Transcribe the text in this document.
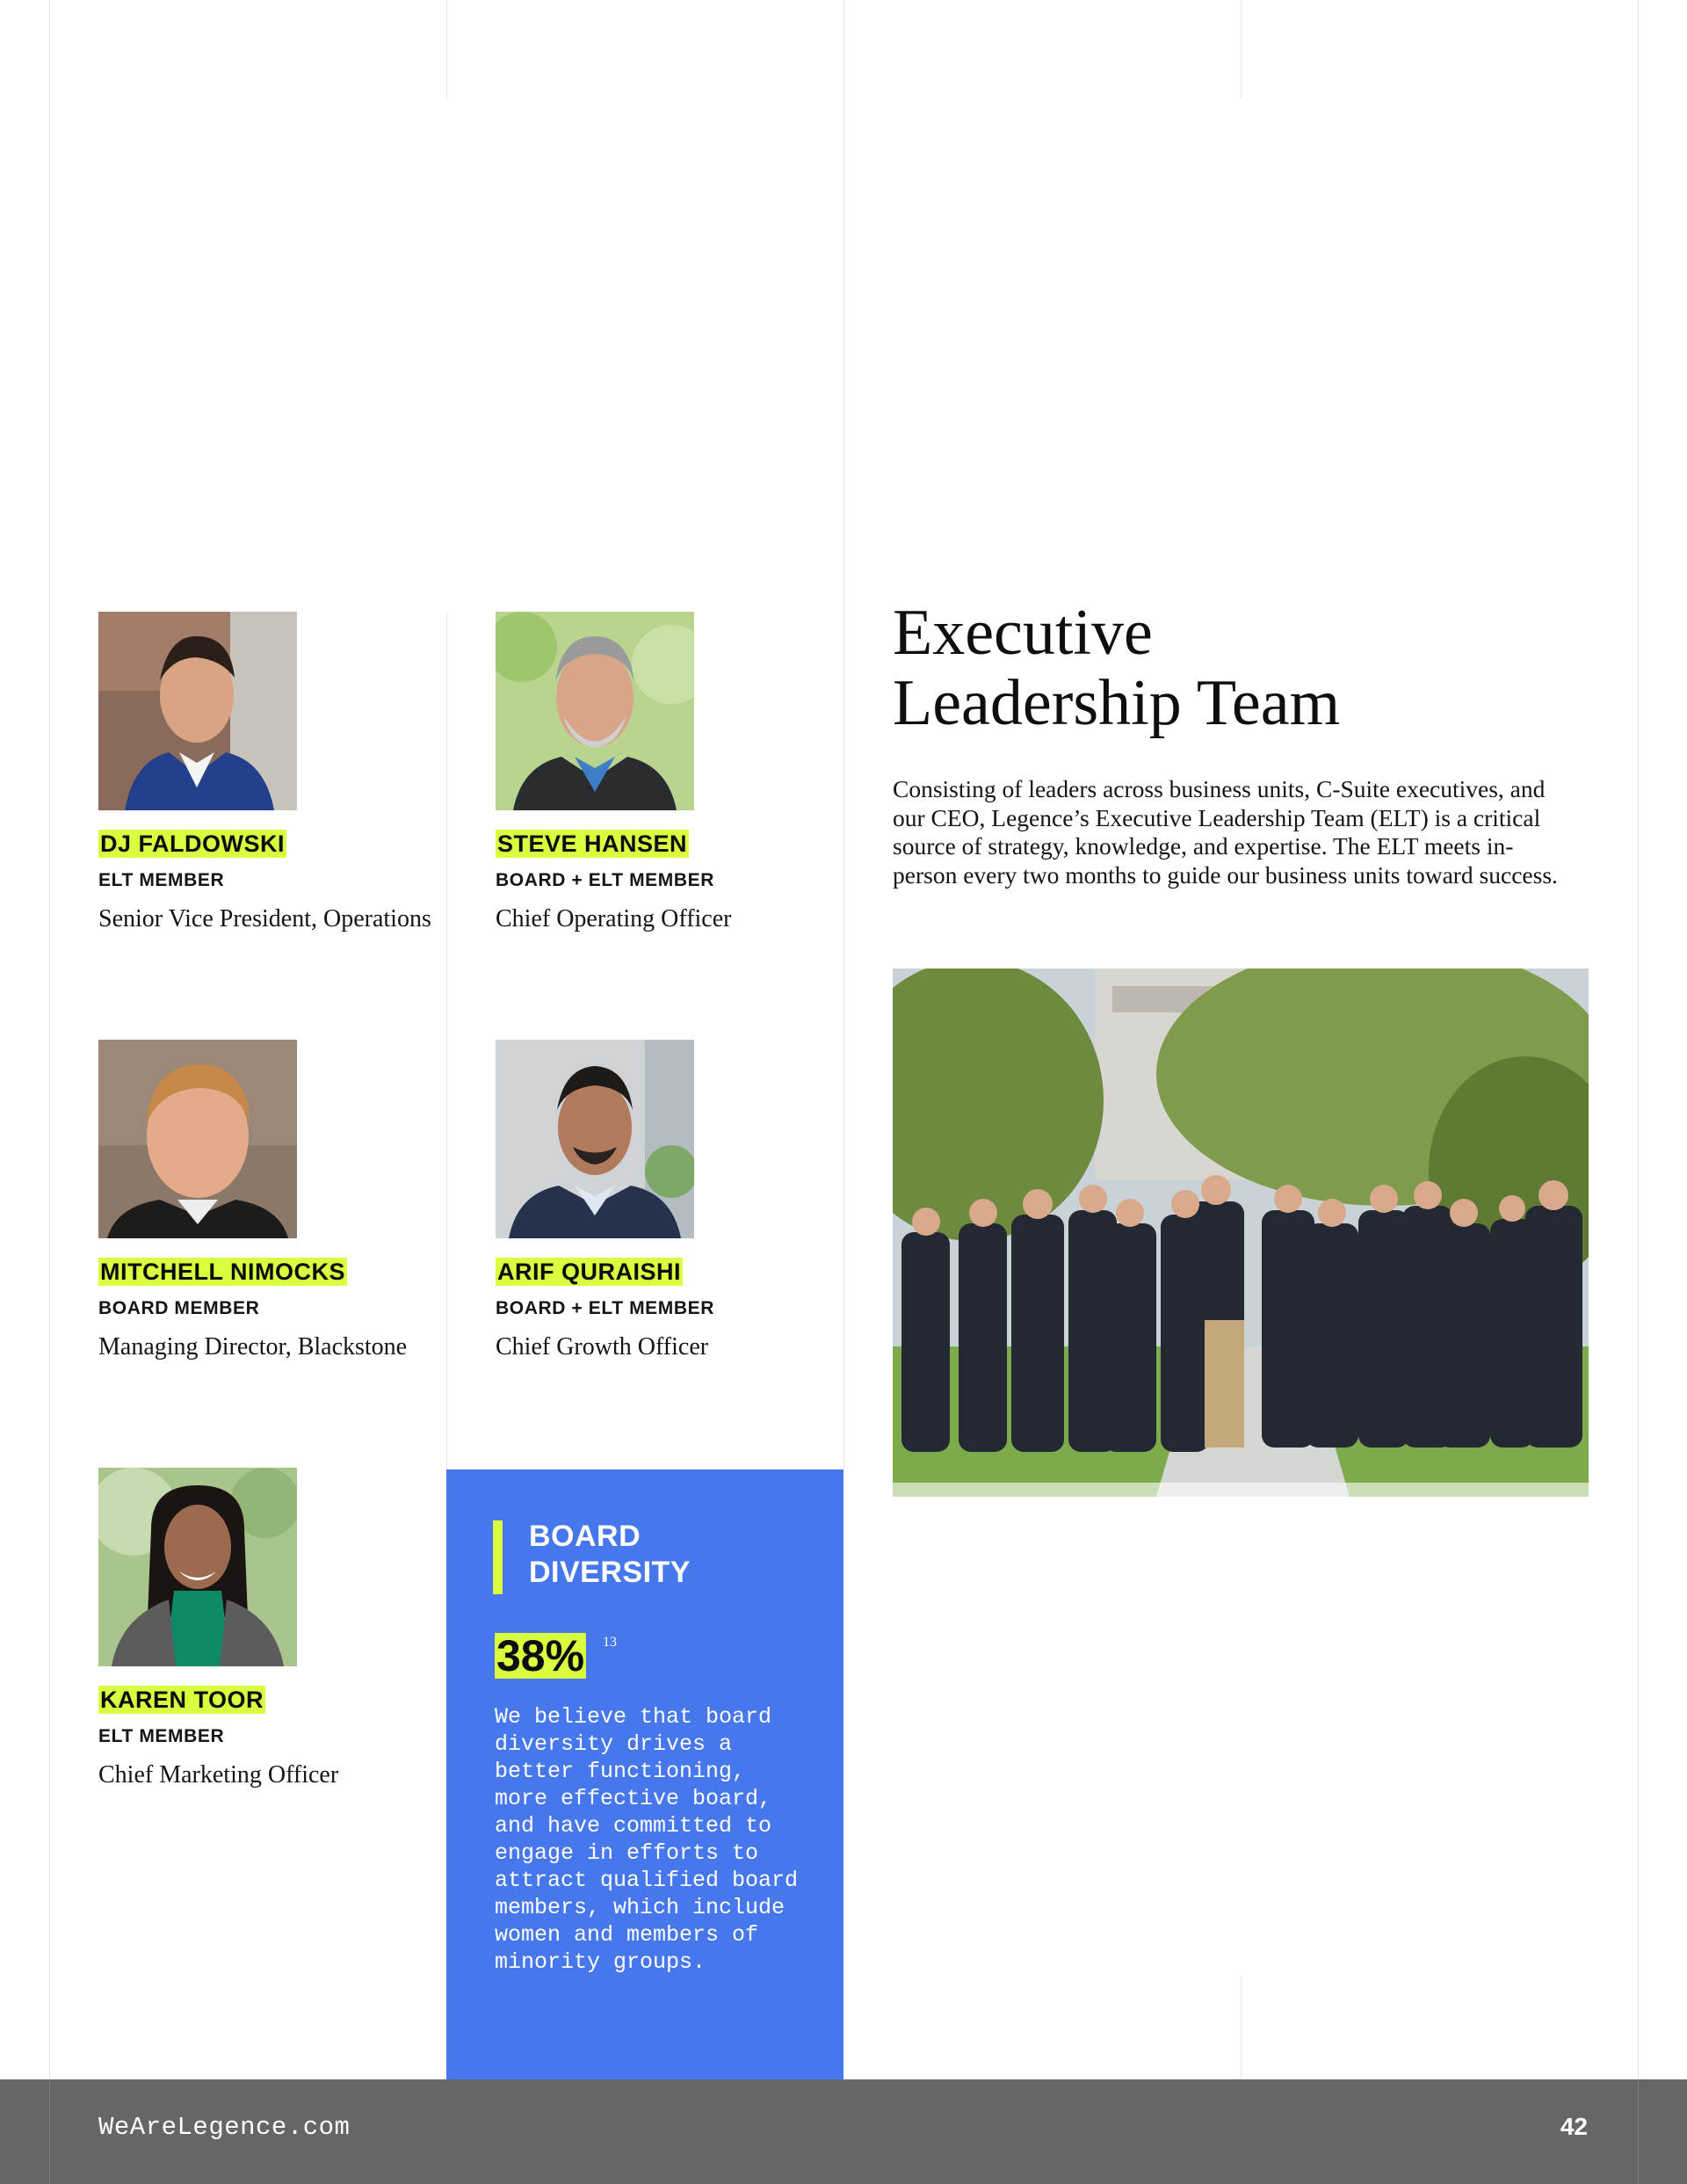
DJ FALDOWSKI
ELT MEMBER
Senior Vice President, Operations
STEVE HANSEN
BOARD + ELT MEMBER
Chief Operating Officer
MITCHELL NIMOCKS
BOARD MEMBER
Managing Director, Blackstone
ARIF QURAISHI
BOARD + ELT MEMBER
Chief Growth Officer
KAREN TOOR
ELT MEMBER
Chief Marketing Officer
BOARD
DIVERSITY
38% 13
We believe that board diversity drives a better functioning, more effective board, and have committed to engage in efforts to attract qualified board members, which include women and members of minority groups.
Executive
Leadership Team
Consisting of leaders across business units, C-Suite executives, and our CEO, Legence’s Executive Leadership Team (ELT) is a critical source of strategy, knowledge, and expertise. The ELT meets in-person every two months to guide our business units toward success.
WeAreLegence.com	42
